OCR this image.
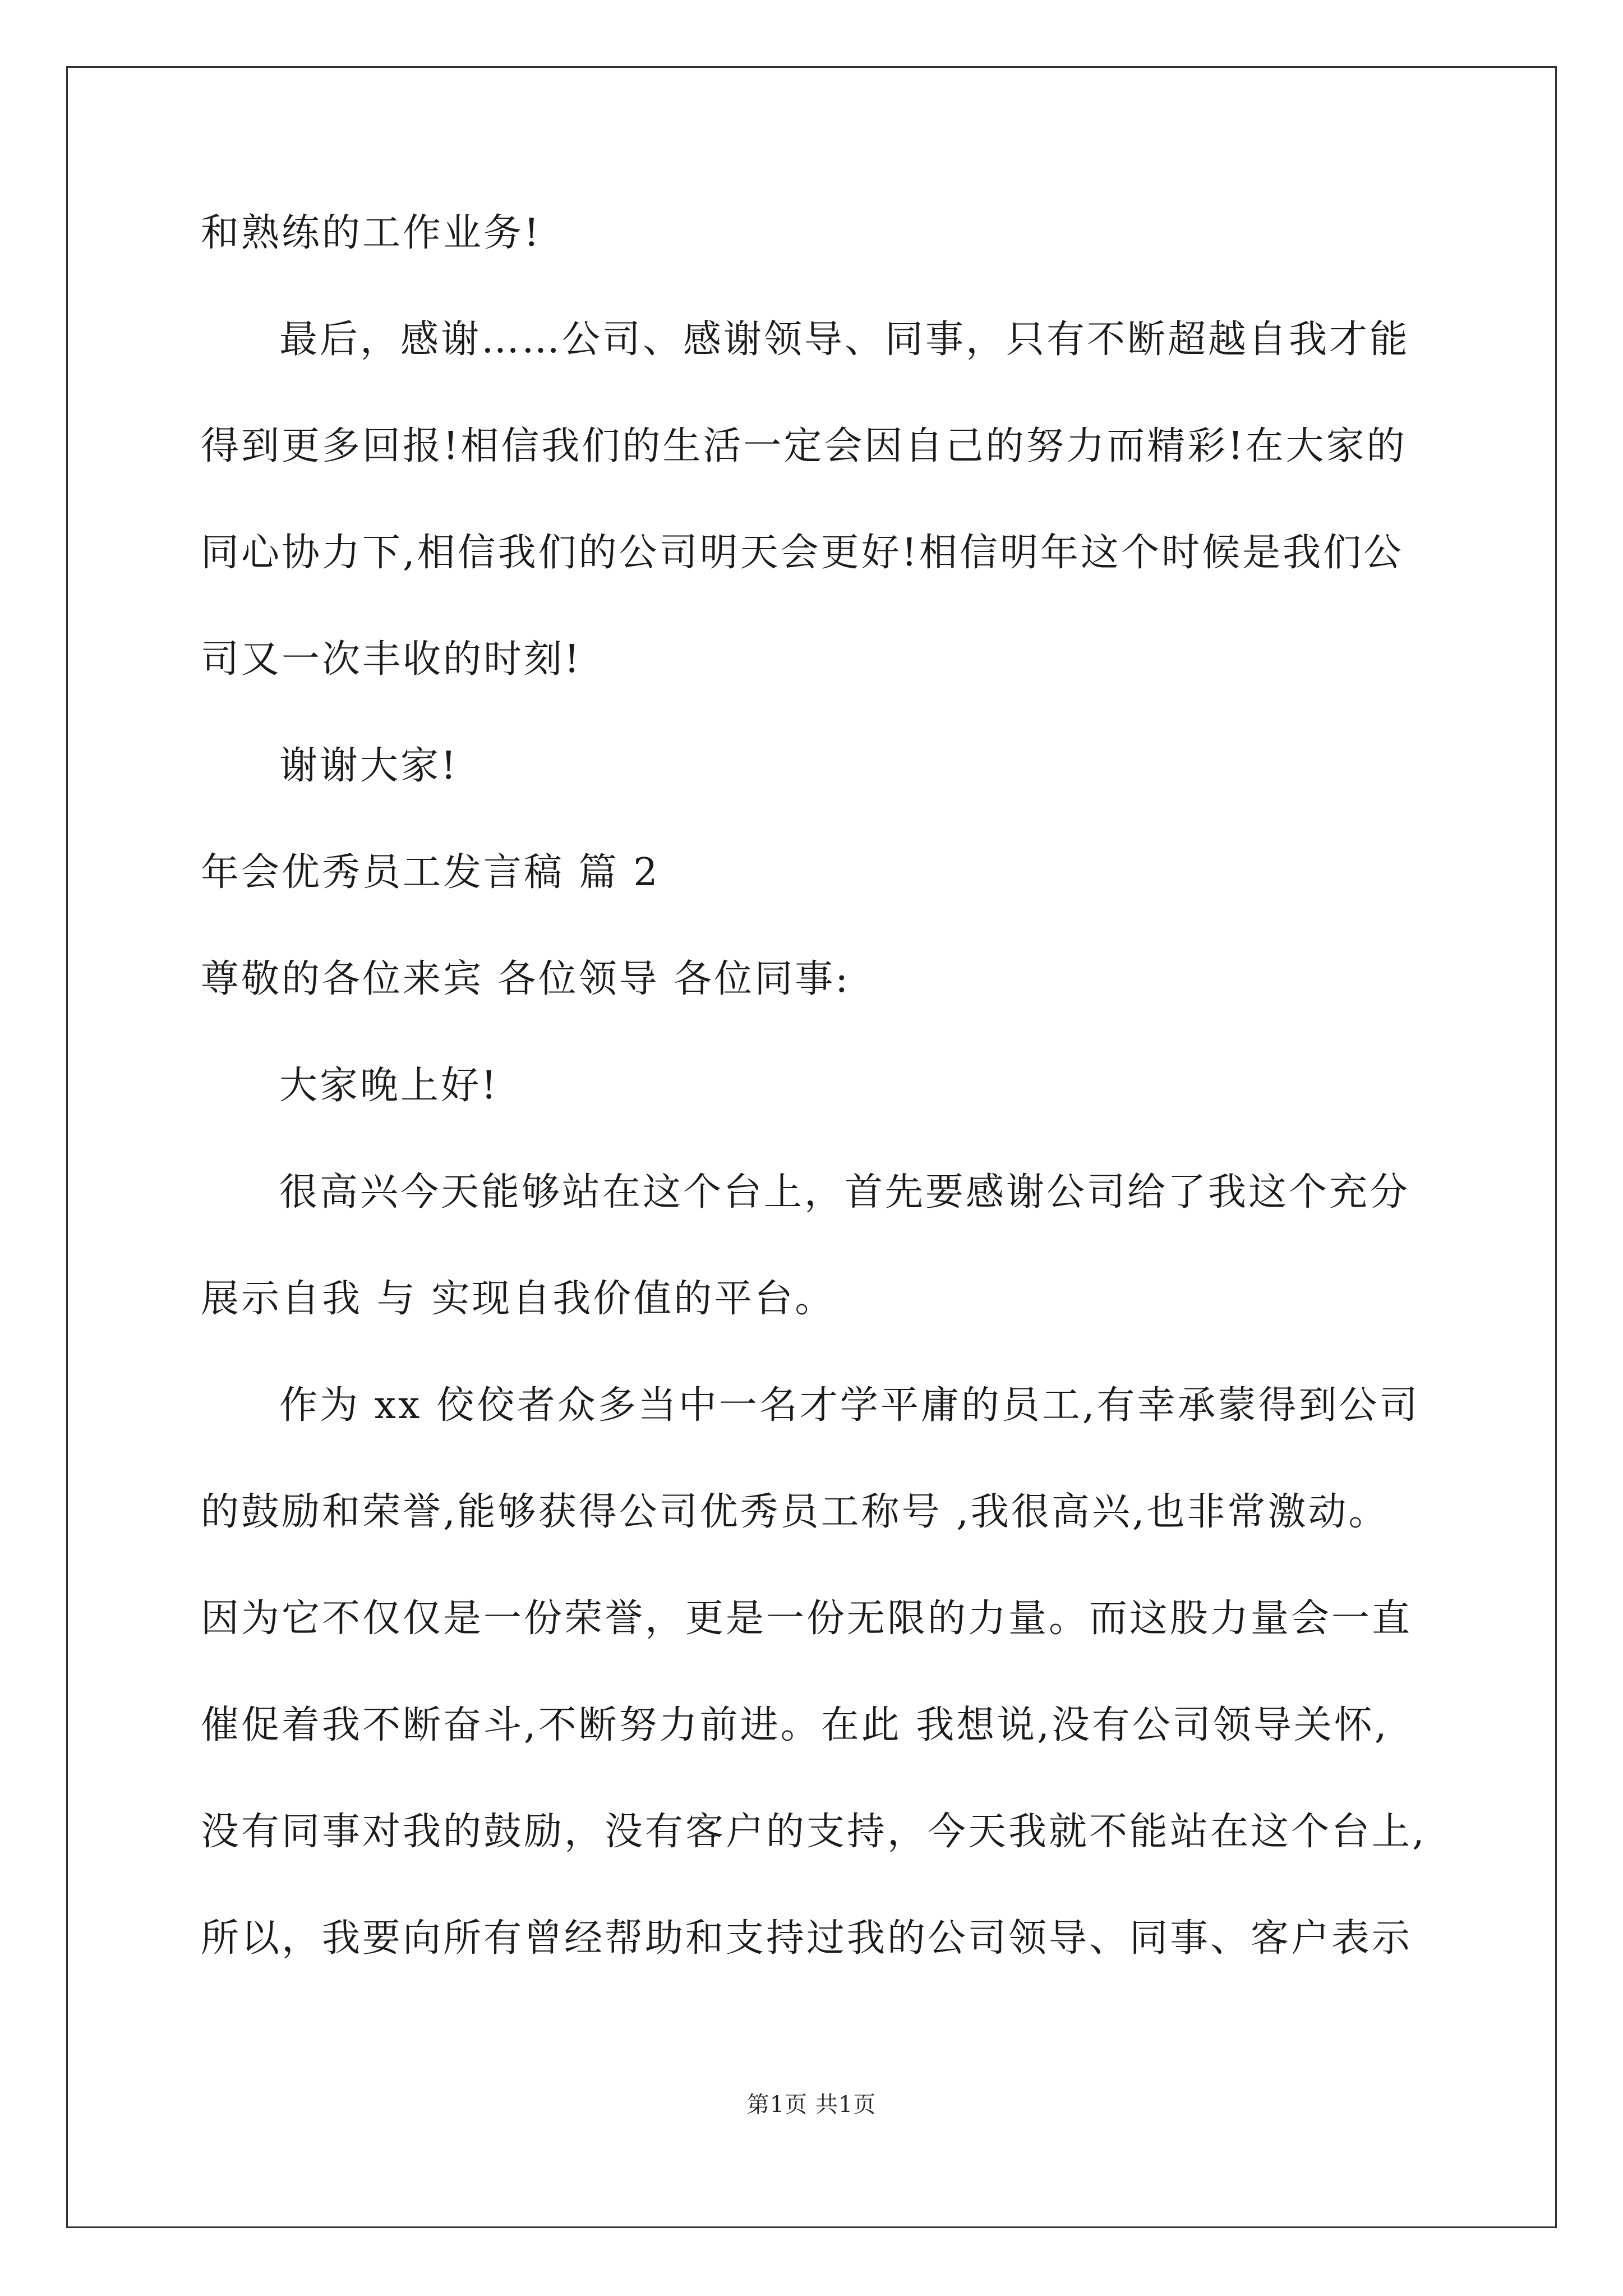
和熟练的工作业务!
最后，感谢……公司、感谢领导、同事，只有不断超越自我才能
得到更多回报!相信我们的生活一定会因自己的努力而精彩!在大家的
同心协力下,相信我们的公司明天会更好!相信明年这个时候是我们公
司又一次丰收的时刻!
谢谢大家!
年会优秀员工发言稿 篇 2
尊敬的各位来宾 各位领导 各位同事:
大家晚上好!
很高兴今天能够站在这个台上，首先要感谢公司给了我这个充分
展示自我 与 实现自我价值的平台。
作为 xx 佼佼者众多当中一名才学平庸的员工,有幸承蒙得到公司
的鼓励和荣誉,能够获得公司优秀员工称号 ,我很高兴,也非常激动。
因为它不仅仅是一份荣誉，更是一份无限的力量。而这股力量会一直
催促着我不断奋斗,不断努力前进。在此 我想说,没有公司领导关怀,
没有同事对我的鼓励，没有客户的支持，今天我就不能站在这个台上,
所以，我要向所有曾经帮助和支持过我的公司领导、同事、客户表示
第1页 共1页
